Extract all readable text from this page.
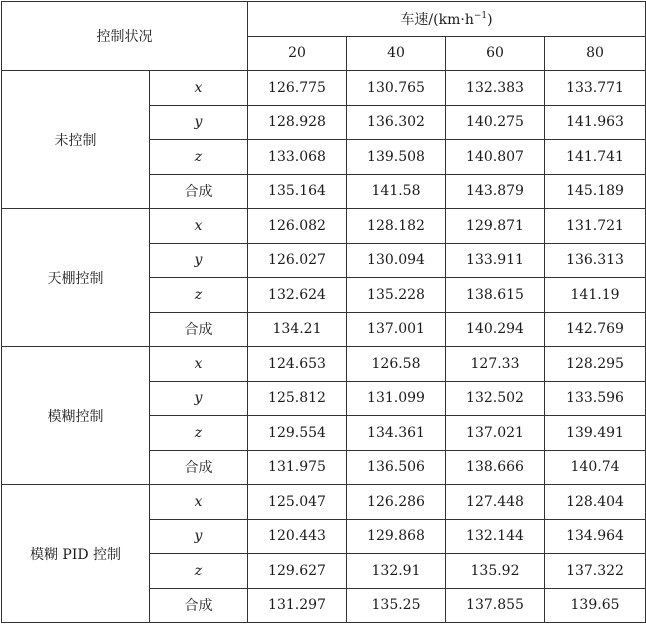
控制状况		车速$/(km\cdot h^{-1})$			
		20	40	60	80
未控制	x	126.775	130.765	132.383	133.771
	y	128.928	136.302	140.275	141.963
	z	133.068	139.508	140.807	141.741
	合成	135.164	141.58	143.879	145.189
天棚控制	x	126.082	128.182	129.871	131.721
	y	126.027	130.094	133.911	136.313
	z	132.624	135.228	138.615	141.19
	合成	134.21	137.001	140.294	142.769
模糊控制	x	124.653	126.58	127.33	128.295
	y	125.812	131.099	132.502	133.596
	z	129.554	134.361	137.021	139.491
	合成	131.975	136.506	138.666	140.74
模糊 PID 控制	x	125.047	126.286	127.448	128.404
	y	120.443	129.868	132.144	134.964
	z	129.627	132.91	135.92	137.322
	合成	131.297	135.25	137.855	139.65
